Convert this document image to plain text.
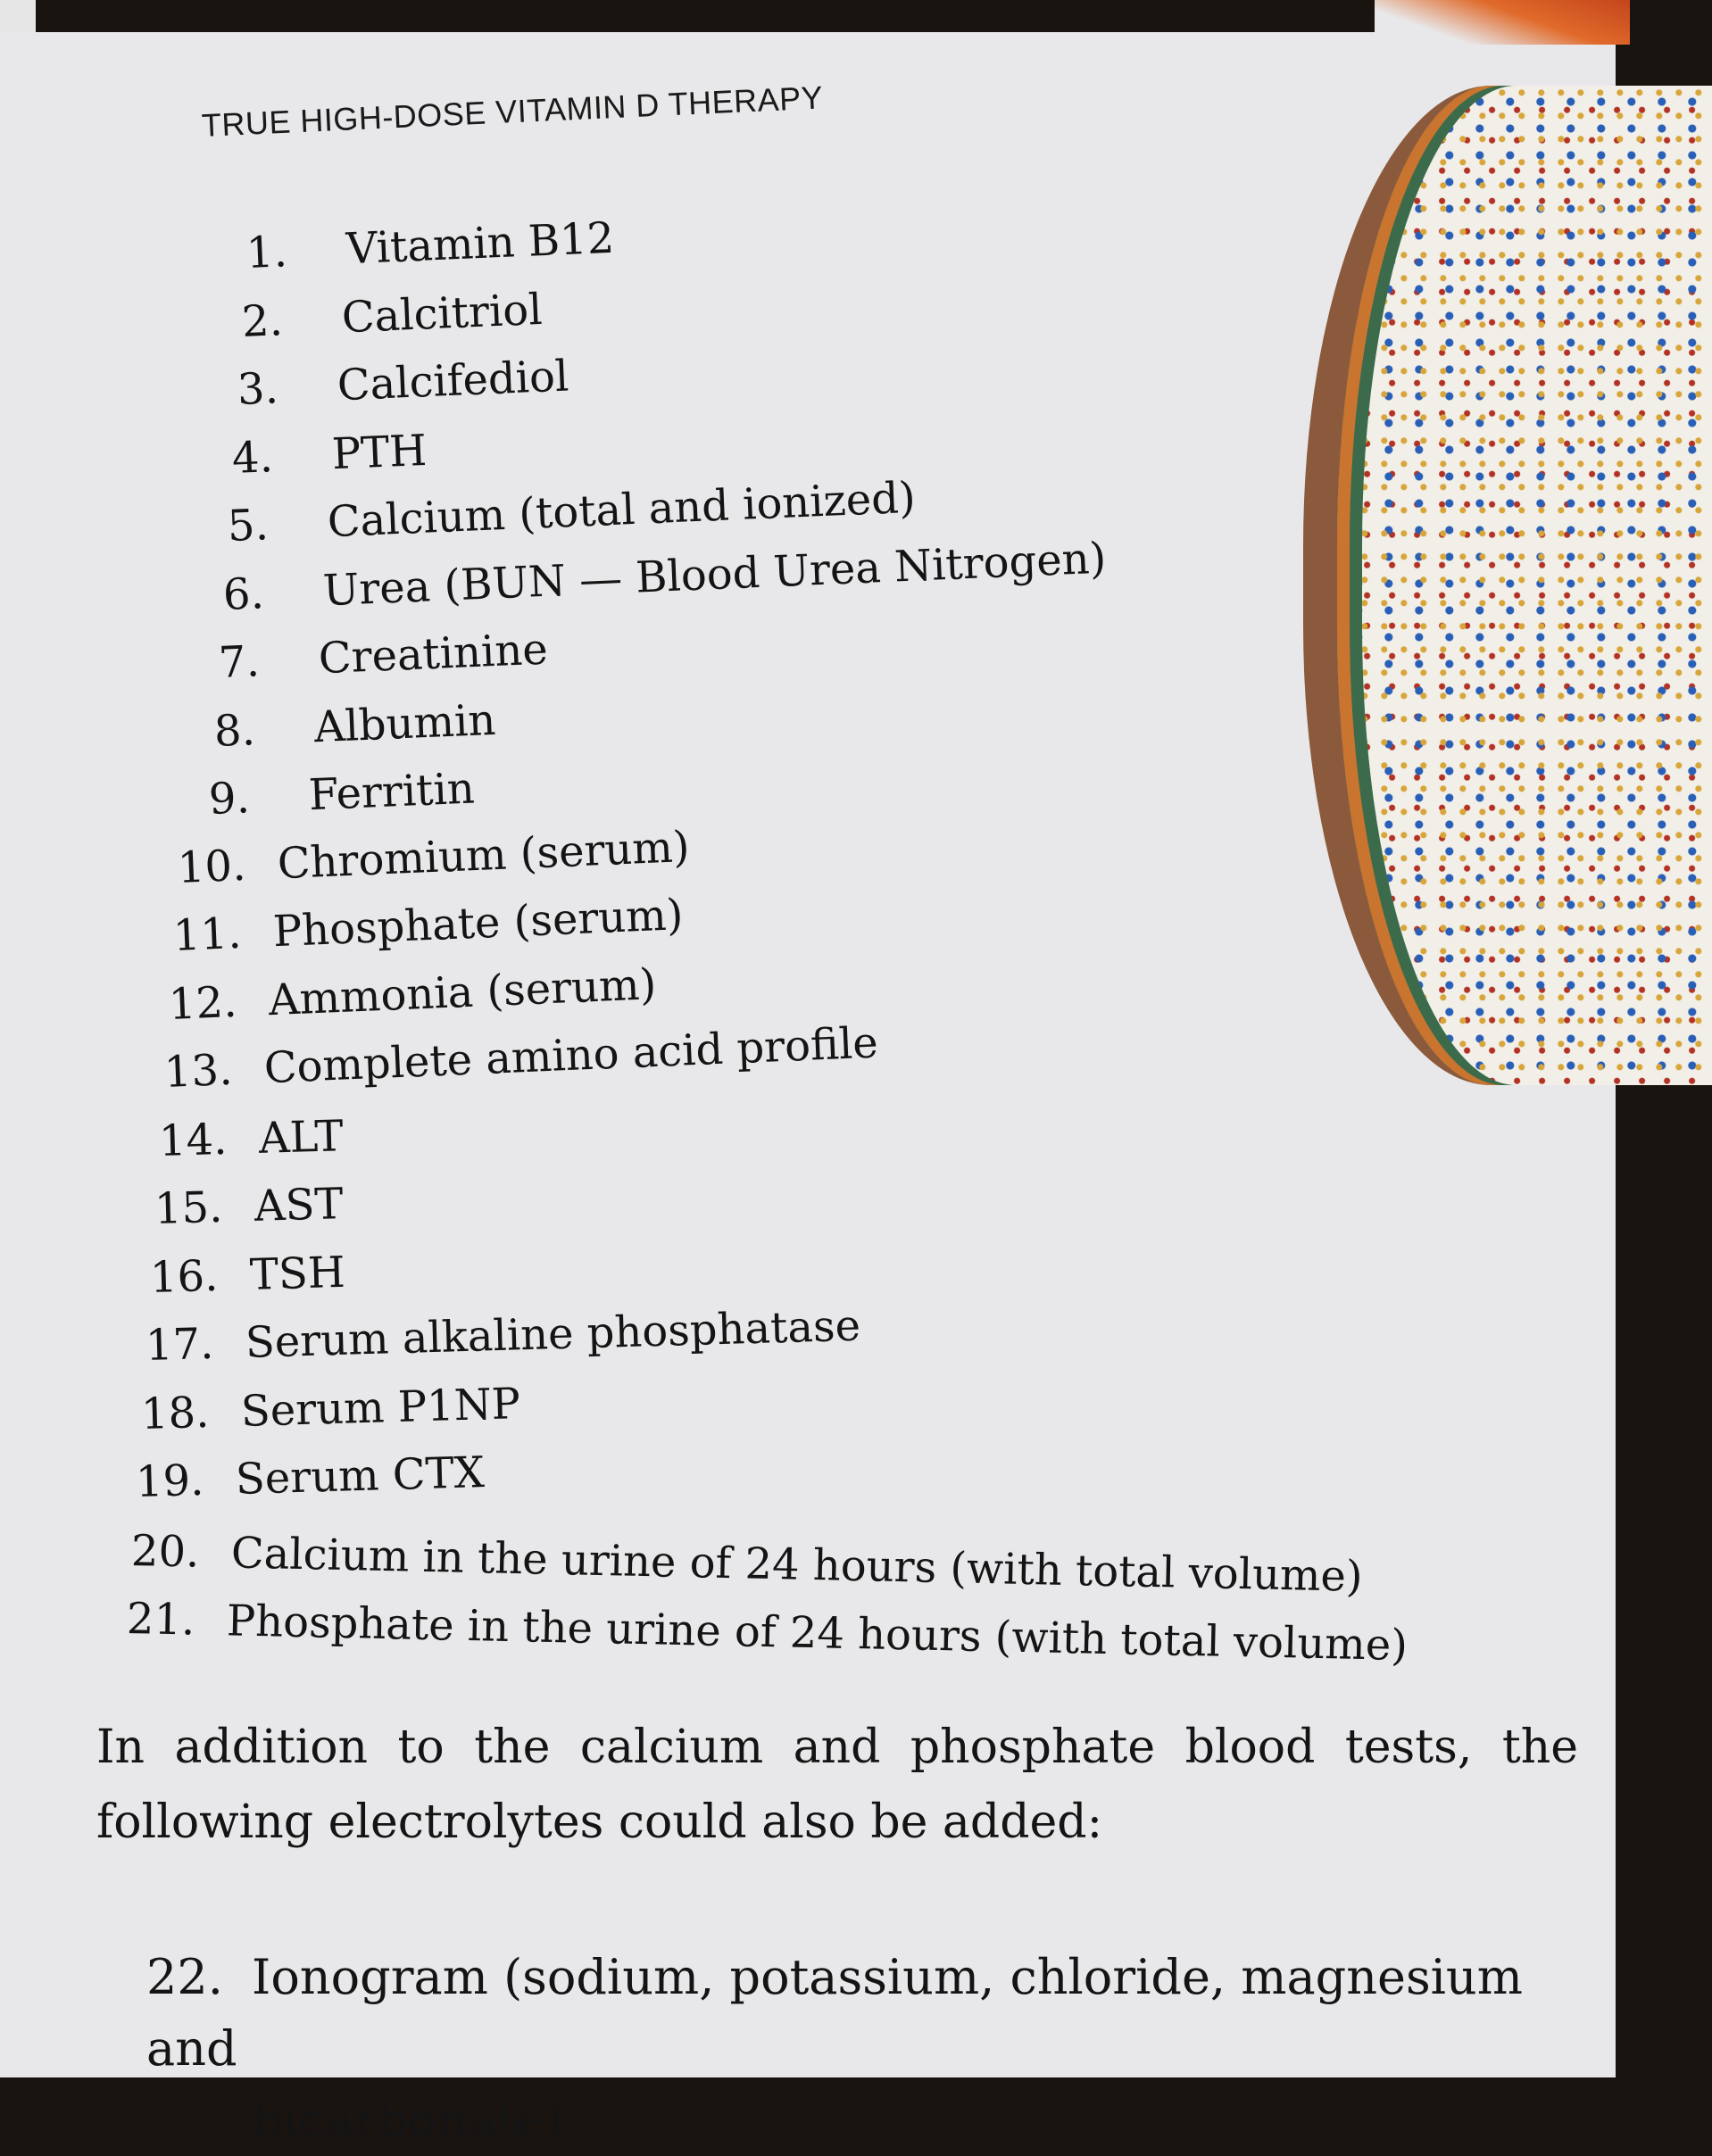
TRUE HIGH-DOSE VITAMIN D THERAPY
1. Vitamin B12
2. Calcitriol
3. Calcifediol
4. PTH
5. Calcium (total and ionized)
6. Urea (BUN — Blood Urea Nitrogen)
7. Creatinine
8. Albumin
9. Ferritin
10. Chromium (serum)
11. Phosphate (serum)
12. Ammonia (serum)
13. Complete amino acid profile
14. ALT
15. AST
16. TSH
17. Serum alkaline phosphatase
18. Serum P1NP
19. Serum CTX
20. Calcium in the urine of 24 hours (with total volume)
21. Phosphate in the urine of 24 hours (with total volume)
In addition to the calcium and phosphate blood tests, the following electrolytes could also be added:
22. Ionogram (sodium, potassium, chloride, magnesium and
bicarbonate)
